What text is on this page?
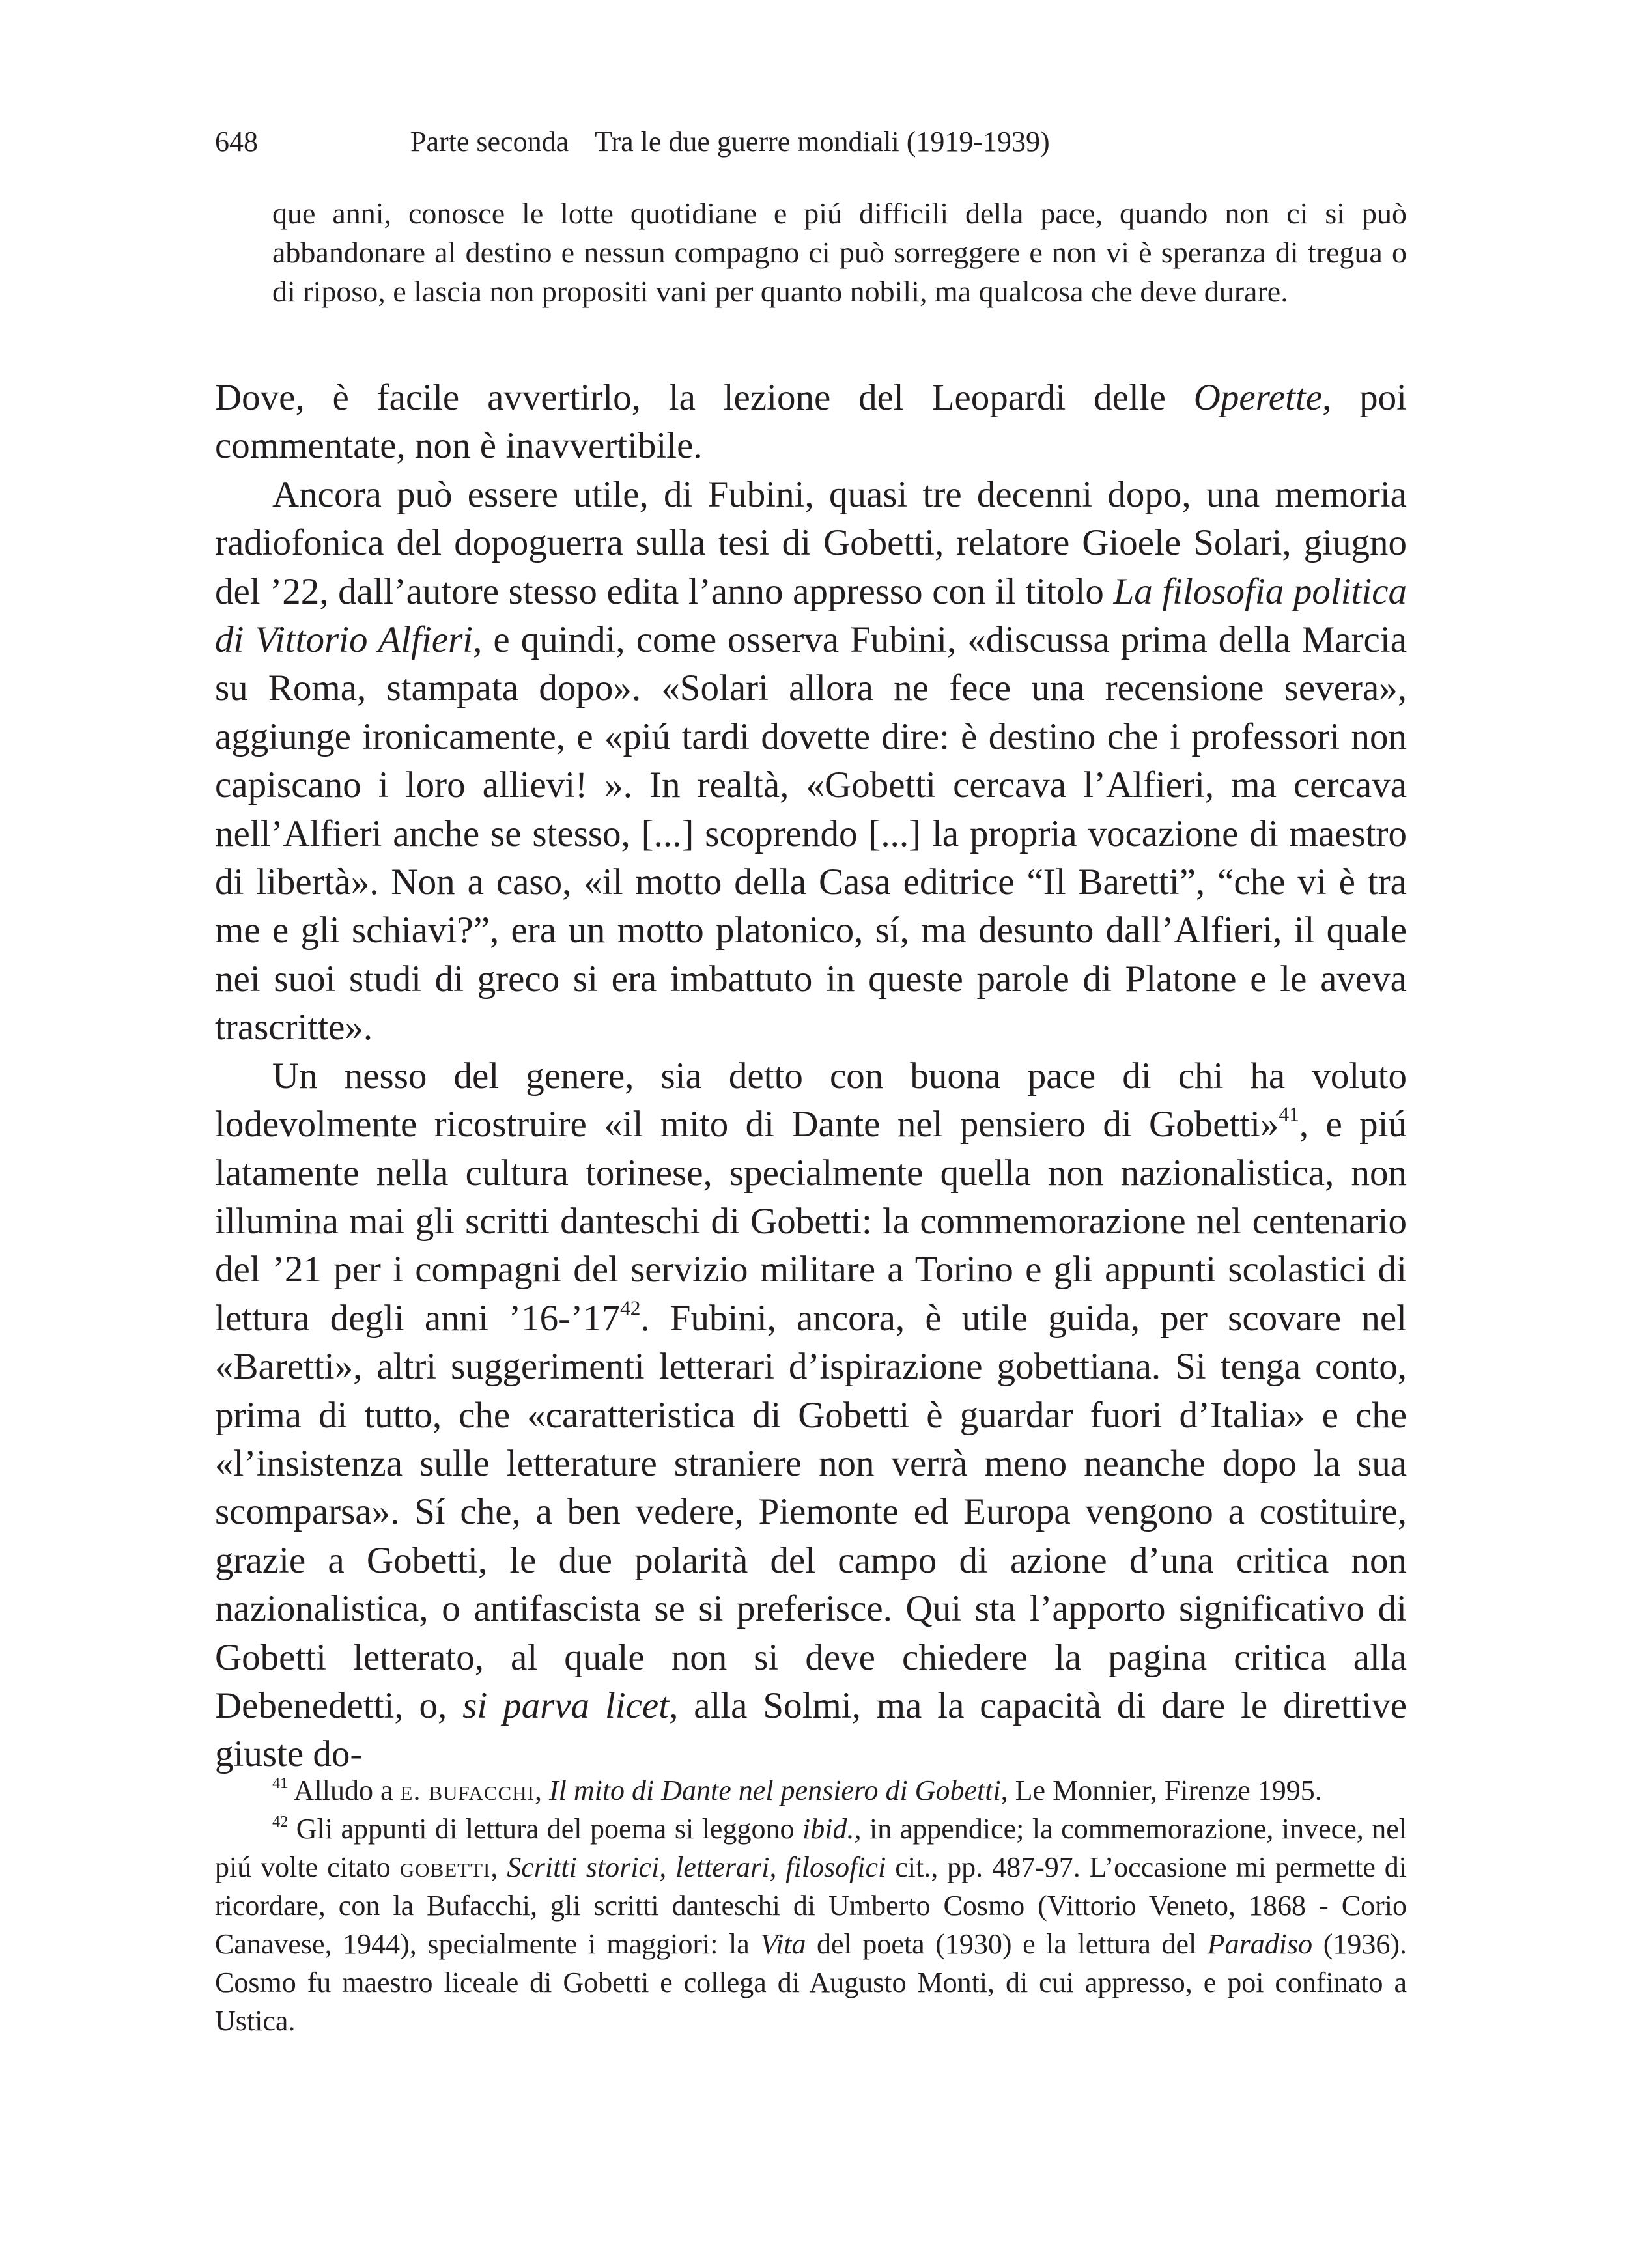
648	Parte seconda Tra le due guerre mondiali (1919-1939)
que anni, conosce le lotte quotidiane e piú difficili della pace, quando non ci si può abbandonare al destino e nessun compagno ci può sorreggere e non vi è speranza di tregua o di riposo, e lascia non propositi vani per quanto nobili, ma qualcosa che deve durare.

Dove, è facile avvertirlo, la lezione del Leopardi delle Operette, poi commentate, non è inavvertibile.

Ancora può essere utile, di Fubini, quasi tre decenni dopo, una memoria radiofonica del dopoguerra sulla tesi di Gobetti, relatore Gioele Solari, giugno del ’22, dall’autore stesso edita l’anno appresso con il titolo La filosofia politica di Vittorio Alfieri, e quindi, come osserva Fubini, «discussa prima della Marcia su Roma, stampata dopo». «Solari allora ne fece una recensione severa», aggiunge ironicamente, e «piú tardi dovette dire: è destino che i professori non capiscano i loro allievi! ». In realtà, «Gobetti cercava l’Alfieri, ma cercava nell’Alfieri anche se stesso, [...] scoprendo [...] la propria vocazione di maestro di libertà». Non a caso, «il motto della Casa editrice “Il Baretti”, “che vi è tra me e gli schiavi?”, era un motto platonico, sí, ma desunto dall’Alfieri, il quale nei suoi studi di greco si era imbattuto in queste parole di Platone e le aveva trascritte».

Un nesso del genere, sia detto con buona pace di chi ha voluto lodevolmente ricostruire «il mito di Dante nel pensiero di Gobetti»$^{41}$, e piú latamente nella cultura torinese, specialmente quella non nazionalistica, non illumina mai gli scritti danteschi di Gobetti: la commemorazione nel centenario del ’21 per i compagni del servizio militare a Torino e gli appunti scolastici di lettura degli anni $’16-’17^{42}$. Fubini, ancora, è utile guida, per scovare nel «Baretti», altri suggerimenti letterari d’ispirazione gobettiana. Si tenga conto, prima di tutto, che «caratteristica di Gobetti è guardar fuori d’Italia» e che «l’insistenza sulle letterature straniere non verrà meno neanche dopo la sua scomparsa». Sí che, a ben vedere, Piemonte ed Europa vengono a costituire, grazie a Gobetti, le due polarità del campo di azione d’una critica non nazionalistica, o antifascista se si preferisce. Qui sta l’apporto significativo di Gobetti letterato, al quale non si deve chiedere la pagina critica alla Debenedetti, o, si parva licet, alla Solmi, ma la capacità di dare le direttive giuste do-

$^{41}$ Alludo a e. bufacchi, Il mito di Dante nel pensiero di Gobetti, Le Monnier, Firenze 1995.

$^{42}$ Gli appunti di lettura del poema si leggono ibid., in appendice; la commemorazione, invece, nel piú volte citato gobetti, Scritti storici, letterari, filosofici cit., pp. 487-97. L’occasione mi permette di ricordare, con la Bufacchi, gli scritti danteschi di Umberto Cosmo (Vittorio Veneto, 1868 - Corio Canavese, 1944), specialmente i maggiori: la Vita del poeta (1930) e la lettura del Paradiso (1936). Cosmo fu maestro liceale di Gobetti e collega di Augusto Monti, di cui appresso, e poi confinato a Ustica.
